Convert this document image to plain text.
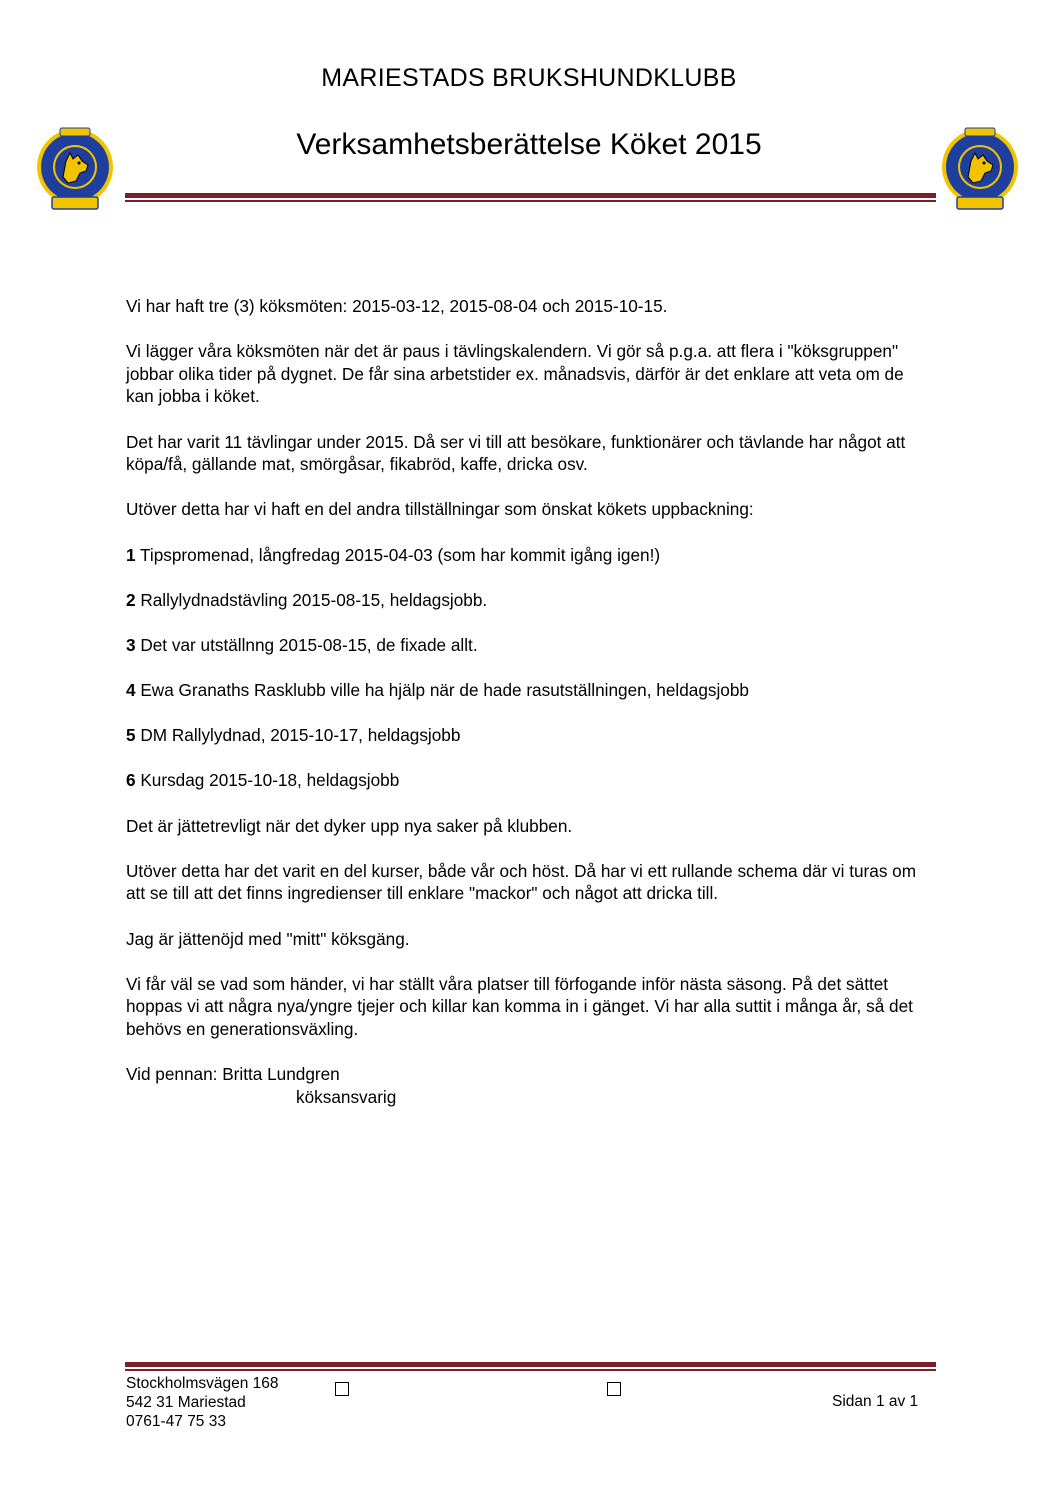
MARIESTADS BRUKSHUNDKLUBB
Verksamhetsberättelse Köket 2015

Vi har haft tre (3) köksmöten: 2015-03-12, 2015-08-04 och 2015-10-15.

Vi lägger våra köksmöten när det är paus i tävlingskalendern. Vi gör så p.g.a. att flera i "köksgruppen" jobbar olika tider på dygnet. De får sina arbetstider ex. månadsvis, därför är det enklare att veta om de kan jobba i köket.

Det har varit 11 tävlingar under 2015. Då ser vi till att besökare, funktionärer och tävlande har något att köpa/få, gällande mat, smörgåsar, fikabröd, kaffe, dricka osv.

Utöver detta har vi haft en del andra tillställningar som önskat kökets uppbackning:

1 Tipspromenad, långfredag 2015-04-03 (som har kommit igång igen!)

2 Rallylydnadstävling 2015-08-15, heldagsjobb.

3 Det var utställnng 2015-08-15, de fixade allt.

4 Ewa Granaths Rasklubb ville ha hjälp när de hade rasutställningen, heldagsjobb

5 DM Rallylydnad, 2015-10-17, heldagsjobb

6 Kursdag 2015-10-18, heldagsjobb

Det är jättetrevligt när det dyker upp nya saker på klubben.

Utöver detta har det varit en del kurser, både vår och höst. Då har vi ett rullande schema där vi turas om att se till att det finns ingredienser till enklare "mackor" och något att dricka till.

Jag är jättenöjd med "mitt" köksgäng.

Vi får väl se vad som händer, vi har ställt våra platser till förfogande inför nästa säsong. På det sättet hoppas vi att några nya/yngre tjejer och killar kan komma in i gänget. Vi har alla suttit i många år, så det behövs en generationsväxling.

Vid pennan: Britta Lundgren
köksansvarig
Stockholmsvägen 168
542 31 Mariestad
0761-47 75 33
Sidan 1 av 1
